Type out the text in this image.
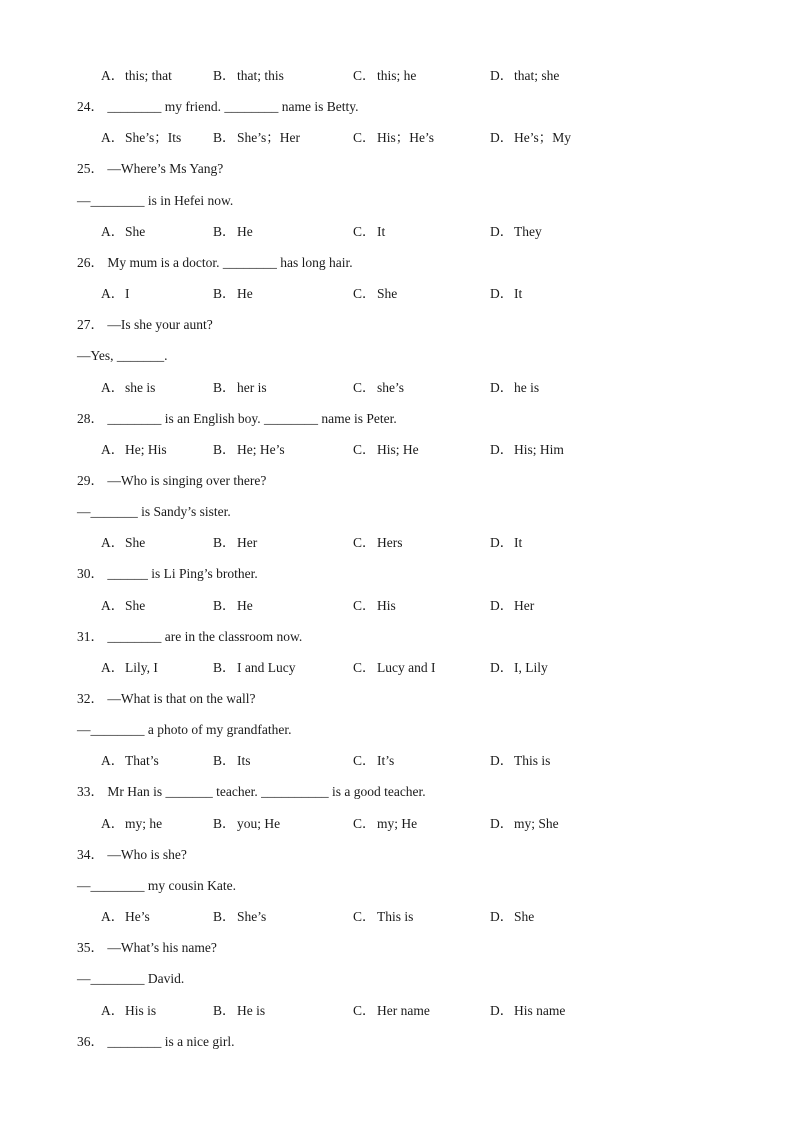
A．this; that	B．that; this	C．this; he	D．that; she
24． ________ my friend. ________ name is Betty.
A．She’s；Its B．She’s；Her	C．His；He’s	D．He’s；My
25． —Where’s Ms Yang?
—________ is in Hefei now.
A．She	B．He	C．It	D．They
26． My mum is a doctor. ________ has long hair.
A．I	B．He	C．She	D．It
27． —Is she your aunt?
—Yes, _______.
A．she is	B．her is	C．she’s	D．he is
28． ________ is an English boy. ________ name is Peter.
A．He; His	B．He; He’s	C．His; He	D．His; Him
29． —Who is singing over there?
—_______ is Sandy’s sister.
A．She	B．Her	C．Hers	D．It
30． ______ is Li Ping’s brother.
A．She	B．He	C．His	D．Her
31． ________ are in the classroom now.
A．Lily, I	B．I and Lucy	C．Lucy and I	D．I, Lily
32． —What is that on the wall?
—________ a photo of my grandfather.
A．That’s	B．Its	C．It’s	D．This is
33． Mr Han is _______ teacher. __________ is a good teacher.
A．my; he	B．you; He	C．my; He	D．my; She
34． —Who is she?
—________ my cousin Kate.
A．He’s	B．She’s	C．This is	D．She
35． —What’s his name?
—________ David.
A．His is	B．He is	C．Her name	D．His name
36． ________ is a nice girl.
